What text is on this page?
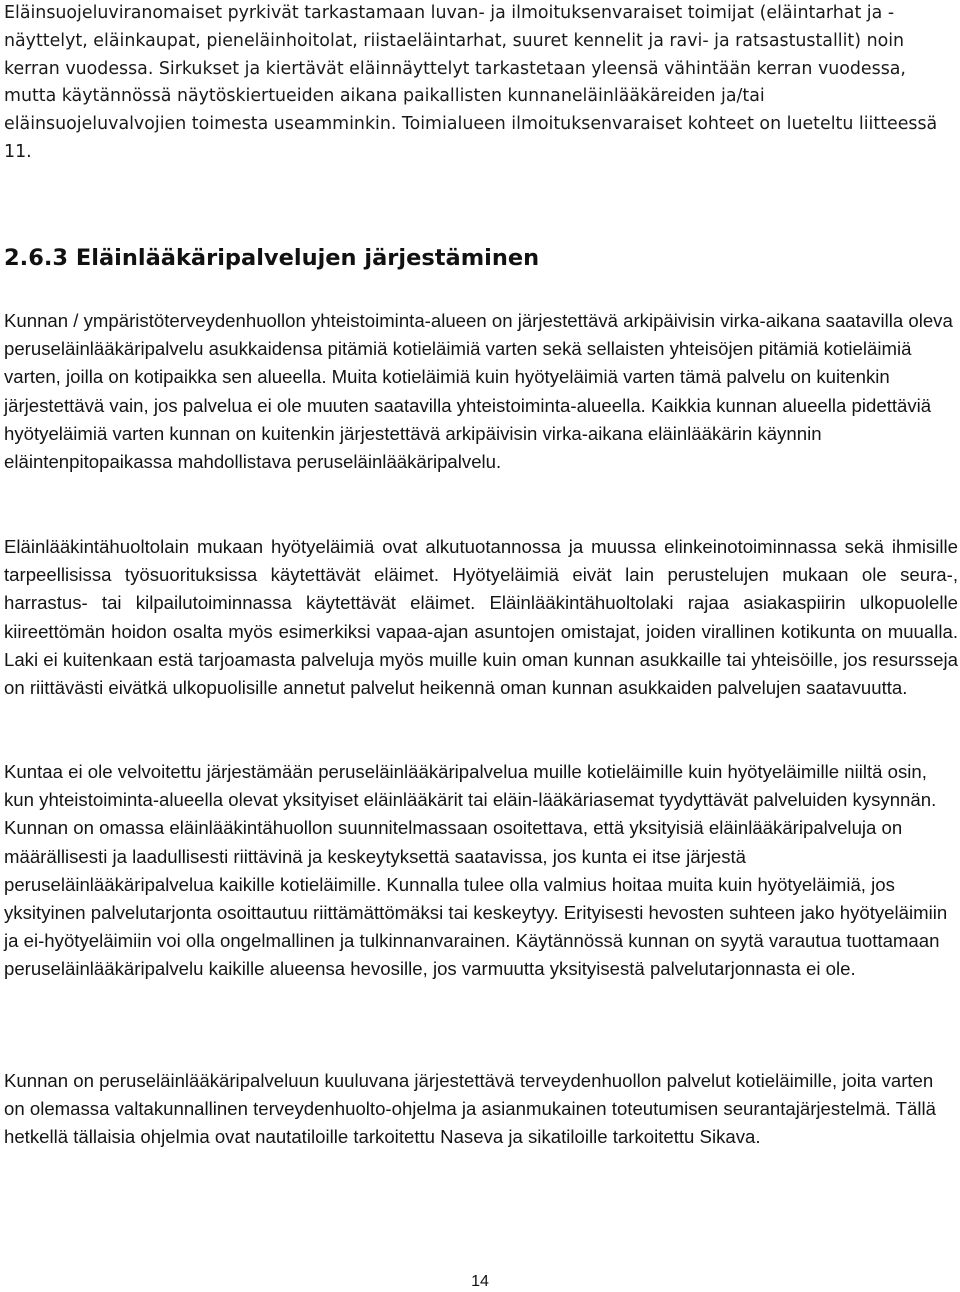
Eläinsuojeluviranomaiset pyrkivät tarkastamaan luvan- ja ilmoituksenvaraiset toimijat (eläintarhat ja -näyttelyt, eläinkaupat, pieneläinhoitolat, riistaeläintarhat, suuret kennelit ja ravi- ja ratsastustallit) noin kerran vuodessa. Sirkukset ja kiertävät eläinnäyttelyt tarkastetaan yleensä vähintään kerran vuodessa, mutta käytännössä näytöskiertueiden aikana paikallisten kunnaneläinlääkäreiden ja/tai eläinsuojeluvalvojien toimesta useamminkin. Toimialueen ilmoituksenvaraiset kohteet on lueteltu liitteessä 11.

2.6.3 Eläinlääkäripalvelujen järjestäminen

Kunnan / ympäristöterveydenhuollon yhteistoiminta-alueen on järjestettävä arkipäivisin virka-aikana saatavilla oleva peruseläinlääkäripalvelu asukkaidensa pitämiä kotieläimiä varten sekä sellaisten yhteisöjen pitämiä kotieläimiä varten, joilla on kotipaikka sen alueella. Muita kotieläimiä kuin hyötyeläimiä varten tämä palvelu on kuitenkin järjestettävä vain, jos palvelua ei ole muuten saatavilla yhteistoiminta-alueella. Kaikkia kunnan alueella pidettäviä hyötyeläimiä varten kunnan on kuitenkin järjestettävä arkipäivisin virka-aikana eläinlääkärin käynnin eläintenpitopaikassa mahdollistava peruseläinlääkäripalvelu.

Eläinlääkintähuoltolain mukaan hyötyeläimiä ovat alkutuotannossa ja muussa elinkeinotoiminnassa sekä ihmisille tarpeellisissa työsuorituksissa käytettävät eläimet. Hyötyeläimiä eivät lain perustelujen mukaan ole seura-, harrastus- tai kilpailutoiminnassa käytettävät eläimet. Eläinlääkintähuoltolaki rajaa asiakaspiirin ulkopuolelle kiireettömän hoidon osalta myös esimerkiksi vapaa-ajan asuntojen omistajat, joiden virallinen kotikunta on muualla. Laki ei kuitenkaan estä tarjoamasta palveluja myös muille kuin oman kunnan asukkaille tai yhteisöille, jos resursseja on riittävästi eivätkä ulkopuolisille annetut palvelut heikennä oman kunnan asukkaiden palvelujen saatavuutta.

Kuntaa ei ole velvoitettu järjestämään peruseläinlääkäripalvelua muille kotieläimille kuin hyötyeläimille niiltä osin, kun yhteistoiminta-alueella olevat yksityiset eläinlääkärit tai eläin-lääkäriasemat tyydyttävät palveluiden kysynnän. Kunnan on omassa eläinlääkintähuollon suunnitelmassaan osoitettava, että yksityisiä eläinlääkäripalveluja on määrällisesti ja laadullisesti riittävinä ja keskeytyksettä saatavissa, jos kunta ei itse järjestä peruseläinlääkäripalvelua kaikille kotieläimille. Kunnalla tulee olla valmius hoitaa muita kuin hyötyeläimiä, jos yksityinen palvelutarjonta osoittautuu riittämättömäksi tai keskeytyy. Erityisesti hevosten suhteen jako hyötyeläimiin ja ei-hyötyeläimiin voi olla ongelmallinen ja tulkinnanvarainen. Käytännössä kunnan on syytä varautua tuottamaan peruseläinlääkäripalvelu kaikille alueensa hevosille, jos varmuutta yksityisestä palvelutarjonnasta ei ole.

Kunnan on peruseläinlääkäripalveluun kuuluvana järjestettävä terveydenhuollon palvelut kotieläimille, joita varten on olemassa valtakunnallinen terveydenhuolto-ohjelma ja asianmukainen toteutumisen seurantajärjestelmä. Tällä hetkellä tällaisia ohjelmia ovat nautatiloille tarkoitettu Naseva ja sikatiloille tarkoitettu Sikava.

14
